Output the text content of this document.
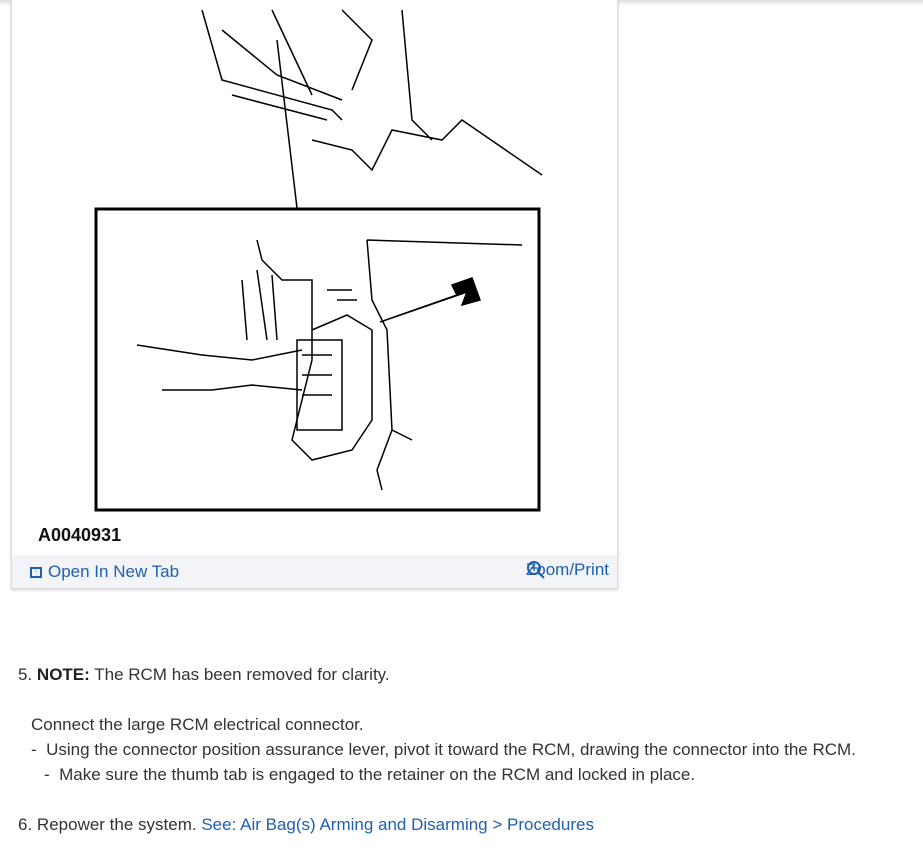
A0040931
↑
Open In New Tab	Zoom/Print
5. NOTE: The RCM has been removed for clarity.
Connect the large RCM electrical connector.
-  Using the connector position assurance lever, pivot it toward the RCM, drawing the connector into the RCM.
-  Make sure the thumb tab is engaged to the retainer on the RCM and locked in place.
6. Repower the system. See: Air Bag(s) Arming and Disarming > Procedures
